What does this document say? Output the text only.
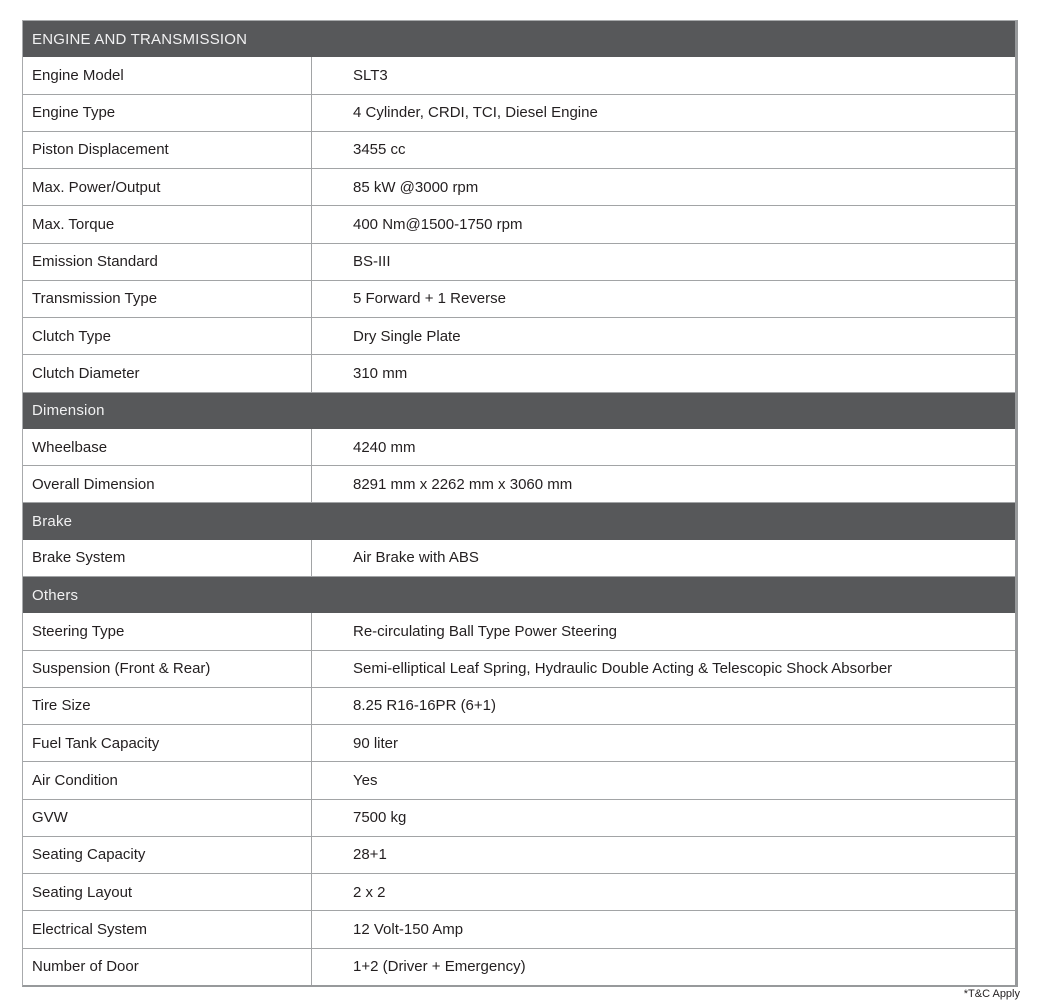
ENGINE AND TRANSMISSION
Engine Model	SLT3
Engine Type	4 Cylinder, CRDI, TCI, Diesel Engine
Piston Displacement	3455 cc
Max. Power/Output	85 kW @3000 rpm
Max. Torque	400 Nm@1500-1750 rpm
Emission Standard	BS-III
Transmission Type	5 Forward + 1 Reverse
Clutch Type	Dry Single Plate
Clutch Diameter	310 mm
Dimension
Wheelbase	4240 mm
Overall Dimension	8291 mm x 2262 mm x 3060 mm
Brake
Brake System	Air Brake with ABS
Others
Steering Type	Re-circulating Ball Type Power Steering
Suspension (Front & Rear)	Semi-elliptical Leaf Spring, Hydraulic Double Acting & Telescopic Shock Absorber
Tire Size	8.25 R16-16PR (6+1)
Fuel Tank Capacity	90 liter
Air Condition	Yes
GVW	7500 kg
Seating Capacity	28+1
Seating Layout	2 x 2
Electrical System	12 Volt-150 Amp
Number of Door	1+2 (Driver + Emergency)
*T&C Apply
